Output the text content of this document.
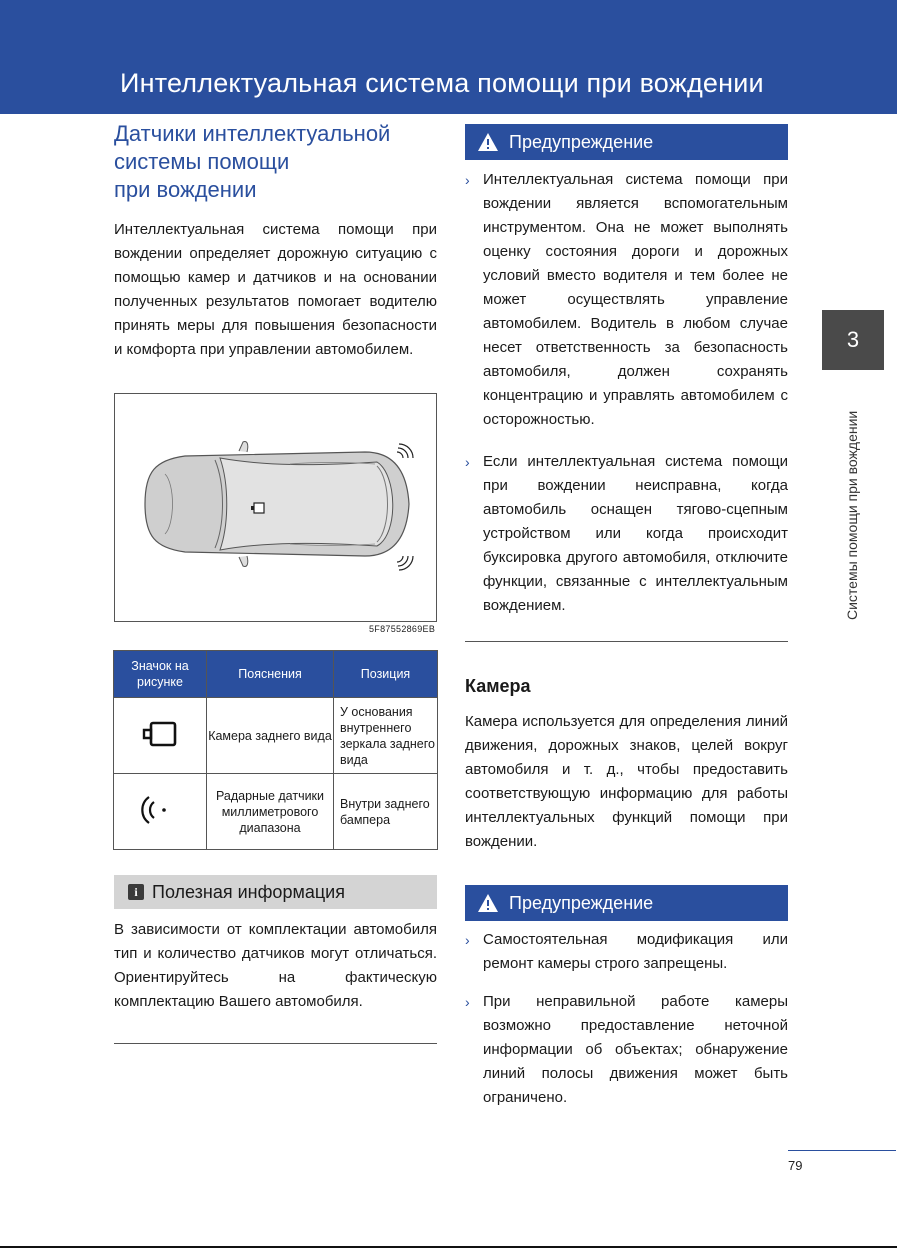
Интеллектуальная система помощи при вождении
3
Системы помощи при вождении
Датчики интеллектуальной
системы помощи
при вождении
Интеллектуальная система помощи при вождении определяет дорожную ситуацию с помощью камер и датчиков и на основании полученных результатов помогает водителю принять меры для повышения безопасности и комфорта при управлении автомобилем.
5F87552869EB
Значок на рисунке	Пояснения	Позиция
	Камера заднего вида	У основания внутреннего зеркала заднего вида
	Радарные датчики миллиметрового диапазона	Внутри заднего бампера
i Полезная информация
В зависимости от комплектации автомобиля тип и количество датчиков могут отличаться. Ориентируйтесь на фактическую комплектацию Вашего автомобиля.
Предупреждение
› Интеллектуальная система помощи при вождении является вспомогательным инструментом. Она не может выполнять оценку состояния дороги и дорожных условий вместо водителя и тем более не может осуществлять управление автомобилем. Водитель в любом случае несет ответственность за безопасность автомобиля, должен сохранять концентрацию и управлять автомобилем с осторожностью.
› Если интеллектуальная система помощи при вождении неисправна, когда автомобиль оснащен тягово-сцепным устройством или когда происходит буксировка другого автомобиля, отключите функции, связанные с интеллектуальным вождением.
Камера
Камера используется для определения линий движения, дорожных знаков, целей вокруг автомобиля и т. д., чтобы предоставить соответствующую информацию для работы интеллектуальных функций помощи при вождении.
Предупреждение
› Самостоятельная модификация или ремонт камеры строго запрещены.
› При неправильной работе камеры возможно предоставление неточной информации об объектах; обнаружение линий полосы движения может быть ограничено.
79
